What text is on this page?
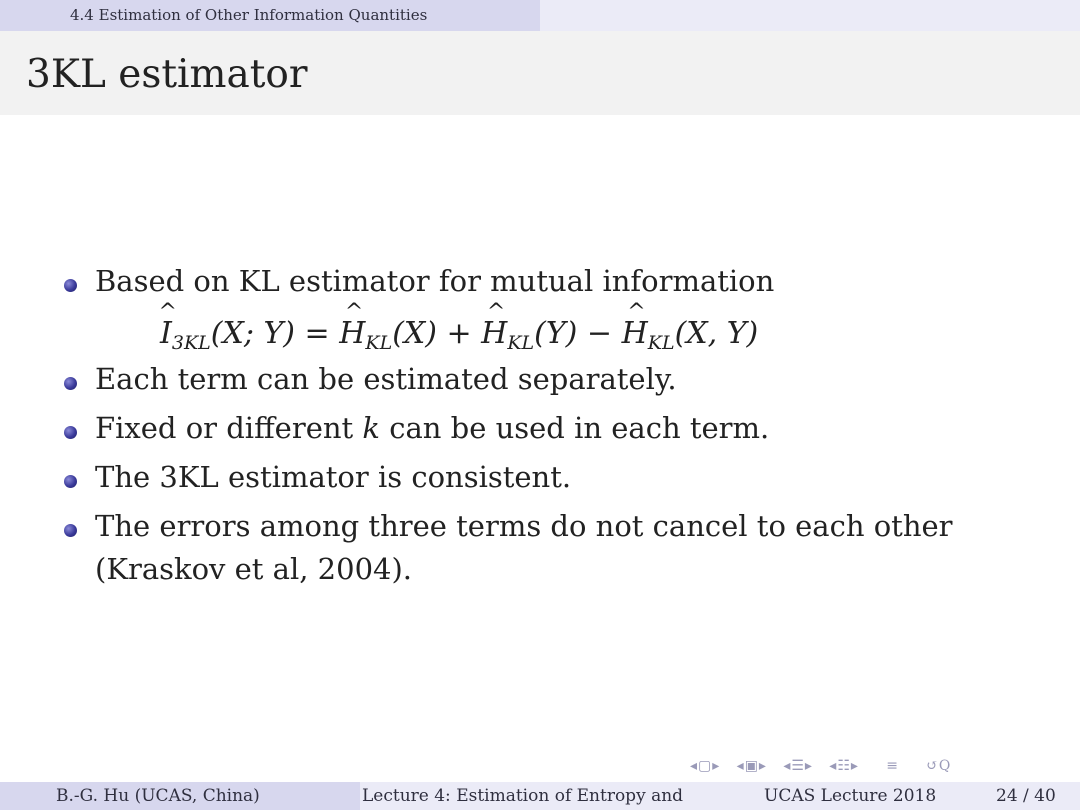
4.4 Estimation of Other Information Quantities
3KL estimator
Based on KL estimator for mutual information
^ $I_{3KL}(X$; Y) = ^ $H_{KL}(X)$ + ^ $H_{KL}(Y)$ − ^ $H_{KL}(X$, Y)
Each term can be estimated separately.
Fixed or different k can be used in each term.
The 3KL estimator is consistent.
The errors among three terms do not cancel to each other
(Kraskov et al, 2004).
◂▢▸ ◂▣▸ ◂☰▸ ◂☷▸ ≡ ↺Q
B.-G. Hu (UCAS, China)	Lecture 4: Estimation of Entropy and	UCAS Lecture 2018	24 / 40
